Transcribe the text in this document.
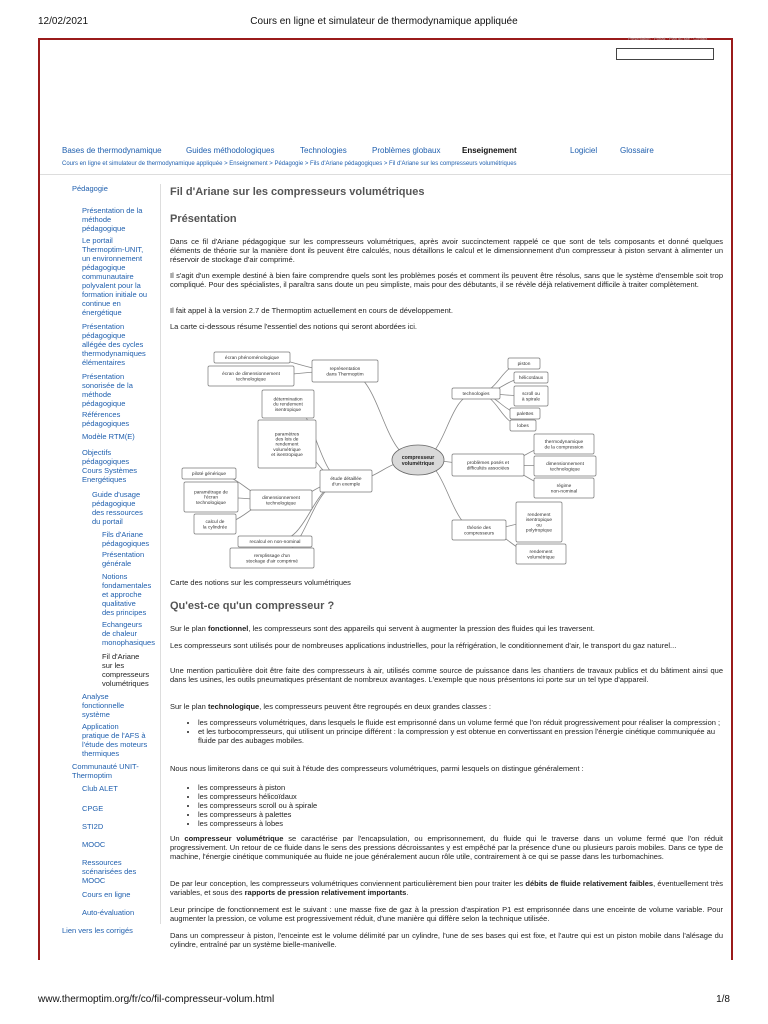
12/02/2021	Cours en ligne et simulateur de thermodynamique appliquée
Presentation · Portail · Plan du site · Contact
Bases de thermodynamique	Guides méthodologiques	Technologies	Problèmes globaux	Enseignement	Logiciel	Glossaire
Cours en ligne et simulateur de thermodynamique appliquée > Enseignement > Pédagogie > Fils d'Ariane pédagogiques > Fil d'Ariane sur les compresseurs volumétriques
Pédagogie
Présentation de la
méthode
pédagogique
Le portail
Thermoptim-UNIT,
un environnement
pédagogique
communautaire
polyvalent pour la
formation initiale ou
continue en
énergétique
Présentation
pédagogique
allégée des cycles
thermodynamiques
élémentaires
Présentation
sonorisée de la
méthode
pédagogique
Références
pédagogiques
Modèle RTM(E)
Objectifs
pédagogiques
Cours Systèmes
Energétiques
Guide d'usage
pédagogique
des ressources
du portail
Fils d'Ariane
pédagogiques
Présentation
générale
Notions
fondamentales
et approche
qualitative
des principes
Echangeurs
de chaleur
monophasiques
Fil d'Ariane
sur les
compresseurs
volumétriques
Analyse
fonctionnelle
système
Application
pratique de l'AFS à
l'étude des moteurs
thermiques
Communauté UNIT-
Thermoptim
Club ALET
CPGE
STI2D
MOOC
Ressources
scénarisées des
MOOC
Cours en ligne
Auto-évaluation
Lien vers les corrigés
Fil d'Ariane sur les compresseurs volumétriques
Présentation
Dans ce fil d'Ariane pédagogique sur les compresseurs volumétriques, après avoir succinctement rappelé ce que sont de tels composants et donné quelques éléments de théorie sur la manière dont ils peuvent être calculés, nous détaillons le calcul et le dimensionnement d'un compresseur à piston servant à alimenter un réservoir de stockage d'air comprimé.
Il s'agit d'un exemple destiné à bien faire comprendre quels sont les problèmes posés et comment ils peuvent être résolus, sans que le système d'ensemble soit trop compliqué. Pour des spécialistes, il paraîtra sans doute un peu simpliste, mais pour des débutants, il se révèle déjà relativement difficile à traiter complètement.
Il fait appel à la version 2.7 de Thermoptim actuellement en cours de développement.
La carte ci-dessous résume l'essentiel des notions qui seront abordées ici.
Qu'est-ce qu'un compresseur ?
Sur le plan fonctionnel, les compresseurs sont des appareils qui servent à augmenter la pression des fluides qui les traversent.
Les compresseurs sont utilisés pour de nombreuses applications industrielles, pour la réfrigération, le conditionnement d'air, le transport du gaz naturel...
Une mention particulière doit être faite des compresseurs à air, utilisés comme source de puissance dans les chantiers de travaux publics et du bâtiment ainsi que dans les usines, les outils pneumatiques présentant de nombreux avantages. L'exemple que nous présentons ici porte sur un tel type d'appareil.
Sur le plan technologique, les compresseurs peuvent être regroupés en deux grandes classes :
• les compresseurs volumétriques, dans lesquels le fluide est emprisonné dans un volume fermé que l'on réduit progressivement pour réaliser la compression ;
• et les turbocompresseurs, qui utilisent un principe différent : la compression y est obtenue en convertissant en pression l'énergie cinétique communiquée au fluide par des aubages mobiles.
Nous nous limiterons dans ce qui suit à l'étude des compresseurs volumétriques, parmi lesquels on distingue généralement :
• les compresseurs à piston
• les compresseurs hélicoïdaux
• les compresseurs scroll ou à spirale
• les compresseurs à palettes
• les compresseurs à lobes
Un compresseur volumétrique se caractérise par l'encapsulation, ou emprisonnement, du fluide qui le traverse dans un volume fermé que l'on réduit progressivement. Un retour de ce fluide dans le sens des pressions décroissantes y est empêché par la présence d'une ou plusieurs parois mobiles. Dans ce type de machine, l'énergie cinétique communiquée au fluide ne joue généralement aucun rôle utile, contrairement à ce qui se passe dans les turbomachines.
De par leur conception, les compresseurs volumétriques conviennent particulièrement bien pour traiter les débits de fluide relativement faibles, éventuellement très variables, et sous des rapports de pression relativement importants.
Leur principe de fonctionnement est le suivant : une masse fixe de gaz à la pression d'aspiration P1 est emprisonnée dans une enceinte de volume variable. Pour augmenter la pression, ce volume est progressivement réduit, d'une manière qui diffère selon la technique utilisée.
Dans un compresseur à piston, l'enceinte est le volume délimité par un cylindre, l'une de ses bases qui est fixe, et l'autre qui est un piston mobile dans l'alésage du cylindre, entraîné par un système bielle-manivelle.
écran phénoménologique
écran de dimensionnement technologique
représentation dans Thermoptim
détermination du rendement isentropique
paramètres des lois de rendement volumétrique et isentropique
piloté générique
paramétrage de l'écran technologique
dimensionnement technologique
calcul de la cylindrée
étude détaillée d'un exemple
recalcul en non-nominal
remplissage d'un stockage d'air comprimé
technologies
piston
hélicoïdaux
scroll ou à spirale
palettes
lobes
problèmes posés et difficultés associées
thermodynamique de la compression
dimensionnement technologique
régime non-nominal
théorie des compresseurs
rendement isentropique ou polytropique
rendement volumétrique
compresseur volumétrique
Carte des notions sur les compresseurs volumétriques
www.thermoptim.org/fr/co/fil-compresseur-volum.html	1/8
